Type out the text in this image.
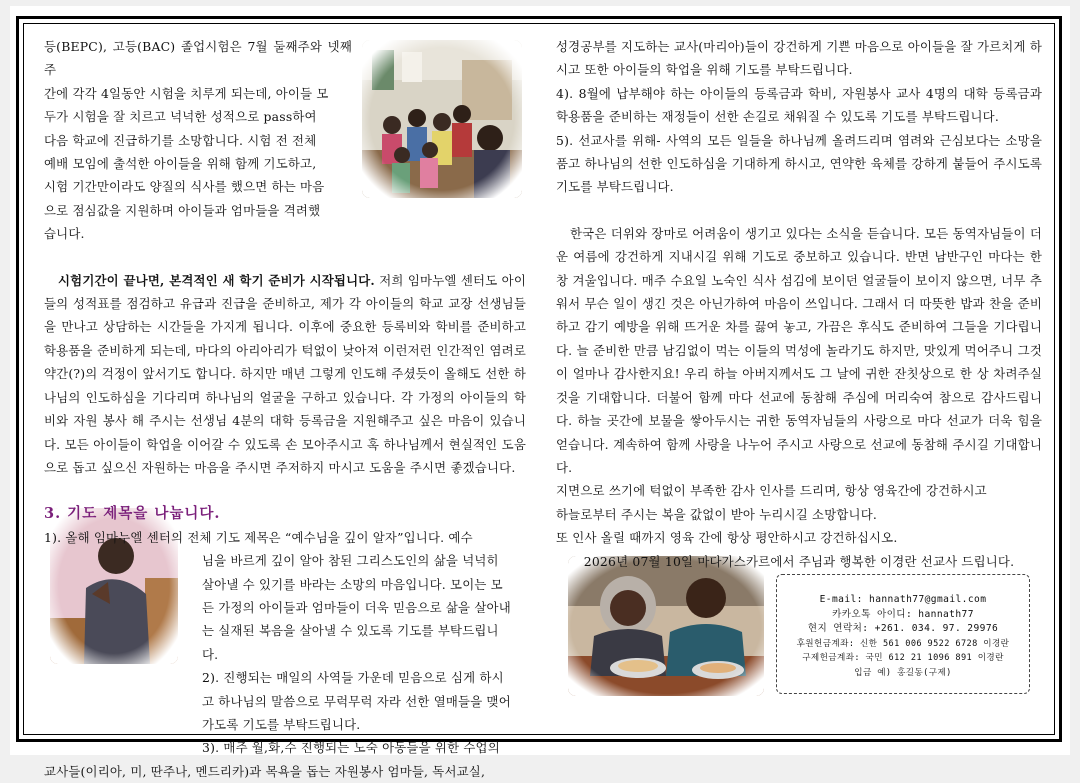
등(BEPC), 고등(BAC) 졸업시험은 7월 둘째주와 넷째주
간에 각각 4일동안 시험을 치루게 되는데, 아이들 모
두가 시험을 잘 치르고 넉넉한 성적으로 pass하여
다음 학교에 진급하기를 소망합니다. 시험 전 전체
예배 모임에 출석한 아이들을 위해 함께 기도하고,
시험 기간만이라도 양질의 식사를 했으면 하는 마음
으로 점심값을 지원하며 아이들과 엄마들을 격려했
습니다.

시험기간이 끝나면, 본격적인 새 학기 준비가 시작됩니다. 저희 임마누엘 센터도 아이들의 성적표를 점검하고 유급과 진급을 준비하고, 제가 각 아이들의 학교 교장 선생님들을 만나고 상담하는 시간들을 가지게 됩니다. 이후에 중요한 등록비와 학비를 준비하고 학용품을 준비하게 되는데, 마다의 아리아리가 턱없이 낮아져 이런저런 인간적인 염려로 약간(?)의 걱정이 앞서기도 합니다. 하지만 매년 그렇게 인도해 주셨듯이 올해도 선한 하나님의 인도하심을 기다리며 하나님의 얼굴을 구하고 있습니다. 각 가정의 아이들의 학비와 자원 봉사 해 주시는 선생님 4분의 대학 등록금을 지원해주고 싶은 마음이 있습니다. 모든 아이들이 학업을 이어갈 수 있도록 손 모아주시고 혹 하나님께서 현실적인 도움으로 돕고 싶으신 자원하는 마음을 주시면 주저하지 마시고 도움을 주시면 좋겠습니다.

3. 기도 제목을 나눕니다.
1). 올해 임마누엘 센터의 전체 기도 제목은 “예수님을 깊이 알자”입니다. 예수
님을 바르게 깊이 알아 참된 그리스도인의 삶을 넉넉히
살아낼 수 있기를 바라는 소망의 마음입니다. 모이는 모
든 가정의 아이들과 엄마들이 더욱 믿음으로 삶을 살아내
는 실재된 복음을 살아낼 수 있도록 기도를 부탁드립니
다.
2). 진행되는 매일의 사역들 가운데 믿음으로 심게 하시
고 하나님의 말씀으로 무럭무럭 자라 선한 열매들을 맺어
가도록 기도를 부탁드립니다.
3). 매주 월,화,수 진행되는 노숙 아동들을 위한 수업의
교사들(이리아, 미, 딴주나, 멘드리카)과 목욕을 돕는 자원봉사 엄마들, 독서교실,

성경공부를 지도하는 교사(마리아)들이 강건하게 기쁜 마음으로 아이들을 잘 가르치게 하시고 또한 아이들의 학업을 위해 기도를 부탁드립니다.

4). 8월에 납부해야 하는 아이들의 등록금과 학비, 자원봉사 교사 4명의 대학 등록금과 학용품을 준비하는 재정들이 선한 손길로 채워질 수 있도록 기도를 부탁드립니다.

5). 선교사를 위해- 사역의 모든 일들을 하나님께 올려드리며 염려와 근심보다는 소망을 품고 하나님의 선한 인도하심을 기대하게 하시고, 연약한 육체를 강하게 붙들어 주시도록 기도를 부탁드립니다.

한국은 더위와 장마로 어려움이 생기고 있다는 소식을 듣습니다. 모든 동역자님들이 더운 여름에 강건하게 지내시길 위해 기도로 중보하고 있습니다. 반면 남반구인 마다는 한창 겨울입니다. 매주 수요일 노숙인 식사 섬김에 보이던 얼굴들이 보이지 않으면, 너무 추워서 무슨 일이 생긴 것은 아닌가하여 마음이 쓰입니다. 그래서 더 따뜻한 밥과 찬을 준비하고 감기 예방을 위해 뜨거운 차를 끓여 놓고, 가끔은 후식도 준비하여 그들을 기다립니다. 늘 준비한 만큼 남김없이 먹는 이들의 먹성에 놀라기도 하지만, 맛있게 먹어주니 그것이 얼마나 감사한지요! 우리 하늘 아버지께서도 그 날에 귀한 잔칫상으로 한 상 차려주실 것을 기대합니다. 더불어 함께 마다 선교에 동참해 주심에 머리숙여 참으로 감사드립니다. 하늘 곳간에 보물을 쌓아두시는 귀한 동역자님들의 사랑으로 마다 선교가 더욱 힘을 얻습니다. 계속하여 함께 사랑을 나누어 주시고 사랑으로 선교에 동참해 주시길 기대합니다.

지면으로 쓰기에 턱없이 부족한 감사 인사를 드리며, 항상 영육간에 강건하시고
하늘로부터 주시는 복을 값없이 받아 누리시길 소망합니다.
또 인사 올릴 때까지 영육 간에 항상 평안하시고 강건하십시오.
2026년 07월 10일 마다가스카르에서 주님과 행복한 이경란 선교사 드립니다.
E-mail: hannath77@gmail.com
카카오톡 아이디: hannath77
현지 연락처: +261. 034. 97. 29976
후원헌금계좌: 신한 561 006 9522 6728 이경란
구제헌금계좌: 국민 612 21 1096 891 이경란
입금 예) 홍길동(구제)
